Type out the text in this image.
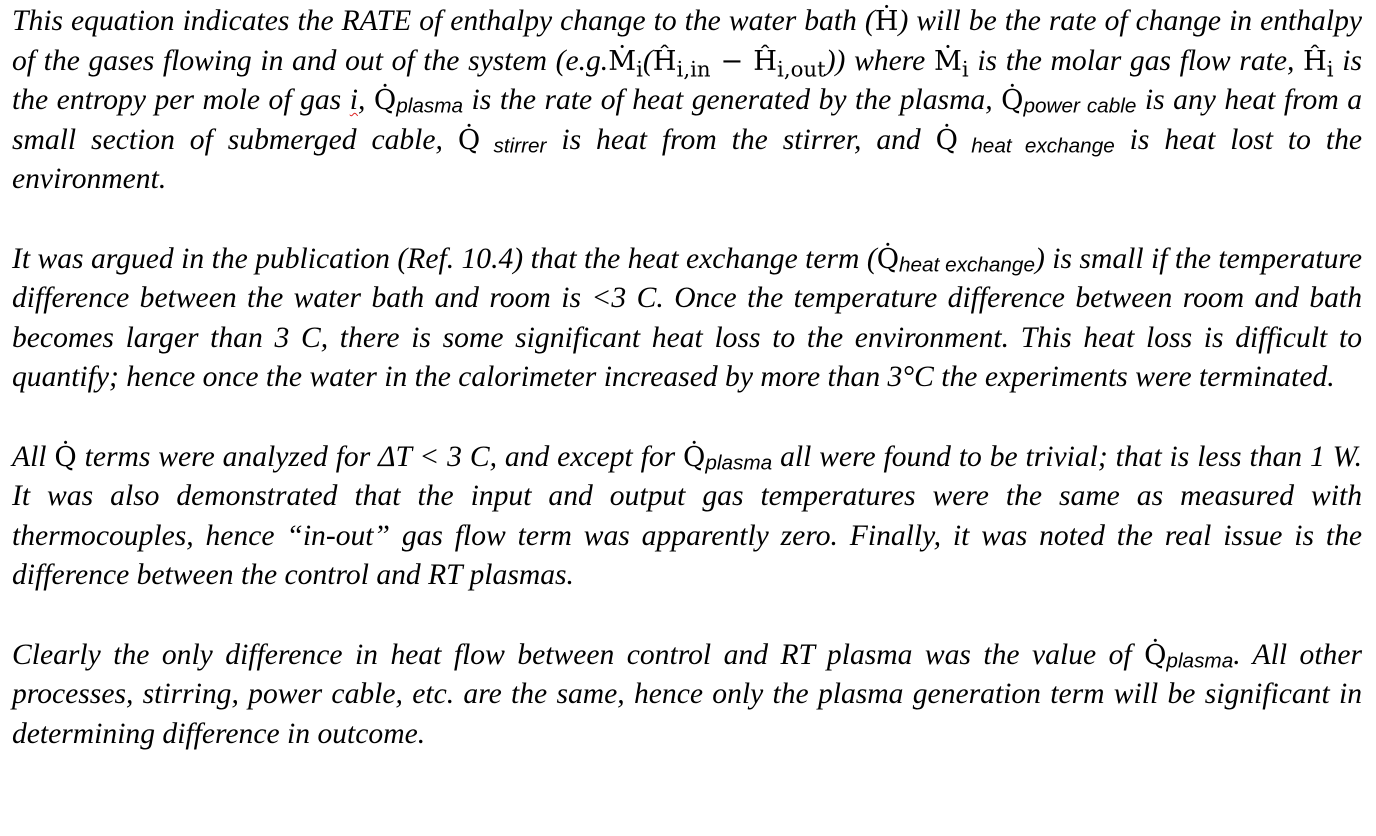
This equation indicates the RATE of enthalpy change to the water bath (Ḣ) will be the rate of change in enthalpy of the gases flowing in and out of the system ($e.g.Ṁ_i(Ĥ_{i,in}$ − $Ĥ_{i,out}$)) where Ṁ$_i$ is the molar gas flow rate, $Ĥ_i$ is the entropy per mole of gas i, Q̇plasma is the rate of heat generated by the plasma, Q̇power cable is any heat from a small section of submerged cable, Q̇ stirrer is heat from the stirrer, and Q̇ heat exchange is heat lost to the environment.

It was argued in the publication (Ref. 10.4) that the heat exchange term (Q̇heat exchange) is small if the temperature difference between the water bath and room is <3 C. Once the temperature difference between room and bath becomes larger than 3 C, there is some significant heat loss to the environment. This heat loss is difficult to quantify; hence once the water in the calorimeter increased by more than 3°C the experiments were terminated.

All Q̇ terms were analyzed for ΔT < 3 C, and except for Q̇plasma all were found to be trivial; that is less than 1 W. It was also demonstrated that the input and output gas temperatures were the same as measured with thermocouples, hence “in-out” gas flow term was apparently zero. Finally, it was noted the real issue is the difference between the control and RT plasmas.

Clearly the only difference in heat flow between control and RT plasma was the value of Q̇plasma. All other processes, stirring, power cable, etc. are the same, hence only the plasma generation term will be significant in determining difference in outcome.
